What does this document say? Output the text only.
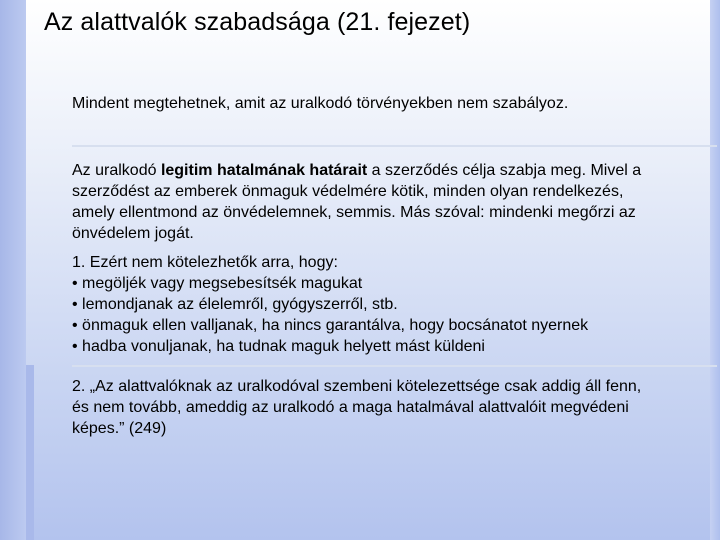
Az alattvalók szabadsága (21. fejezet)
Mindent megtehetnek, amit az uralkodó törvényekben nem szabályoz.
Az uralkodó legitim hatalmának határait a szerződés célja szabja meg. Mivel a
szerződést az emberek önmaguk védelmére kötik, minden olyan rendelkezés,
amely ellentmond az önvédelemnek, semmis. Más szóval: mindenki megőrzi az
önvédelem jogát.
1. Ezért nem kötelezhetők arra, hogy:
• megöljék vagy megsebesítsék magukat
• lemondjanak az élelemről, gyógyszerről, stb.
• önmaguk ellen valljanak, ha nincs garantálva, hogy bocsánatot nyernek
• hadba vonuljanak, ha tudnak maguk helyett mást küldeni
2. „Az alattvalóknak az uralkodóval szembeni kötelezettsége csak addig áll fenn,
és nem tovább, ameddig az uralkodó a maga hatalmával alattvalóit megvédeni
képes.” (249)
